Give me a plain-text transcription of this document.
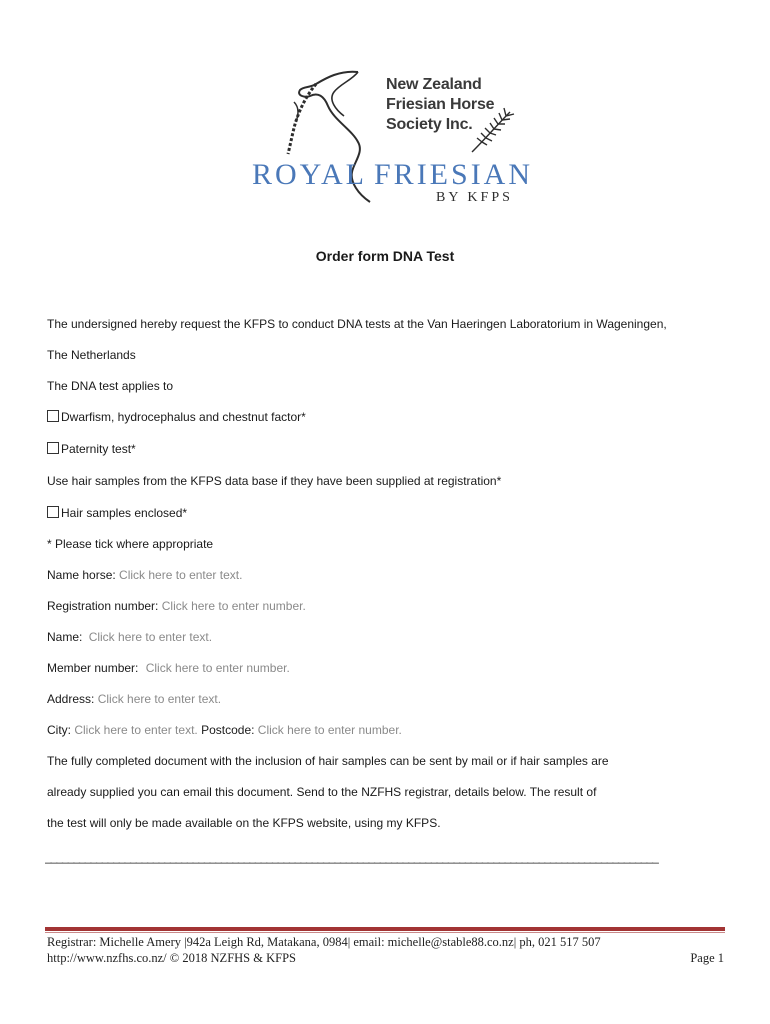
New Zealand
Friesian Horse
Society Inc.
ROYAL FRIESIAN
BY KFPS
Order form DNA Test
The undersigned hereby request the KFPS to conduct DNA tests at the Van Haeringen Laboratorium in Wageningen,
The Netherlands
The DNA test applies to
Dwarfism, hydrocephalus and chestnut factor*
Paternity test*
Use hair samples from the KFPS data base if they have been supplied at registration*
Hair samples enclosed*
* Please tick where appropriate
Name horse: Click here to enter text.
Registration number: Click here to enter number.
Name: Click here to enter text.
Member number: Click here to enter number.
Address: Click here to enter text.
City: Click here to enter text. Postcode: Click here to enter number.
The fully completed document with the inclusion of hair samples can be sent by mail or if hair samples are
already supplied you can email this document. Send to the NZFHS registrar, details below. The result of
the test will only be made available on the KFPS website, using my KFPS.
____________________________________________________________________________________________________________
Registrar: Michelle Amery |942a Leigh Rd, Matakana, 0984| email: michelle@stable88.co.nz| ph, 021 517 507
http://www.nzfhs.co.nz/ © 2018 NZFHS & KFPS	Page 1
